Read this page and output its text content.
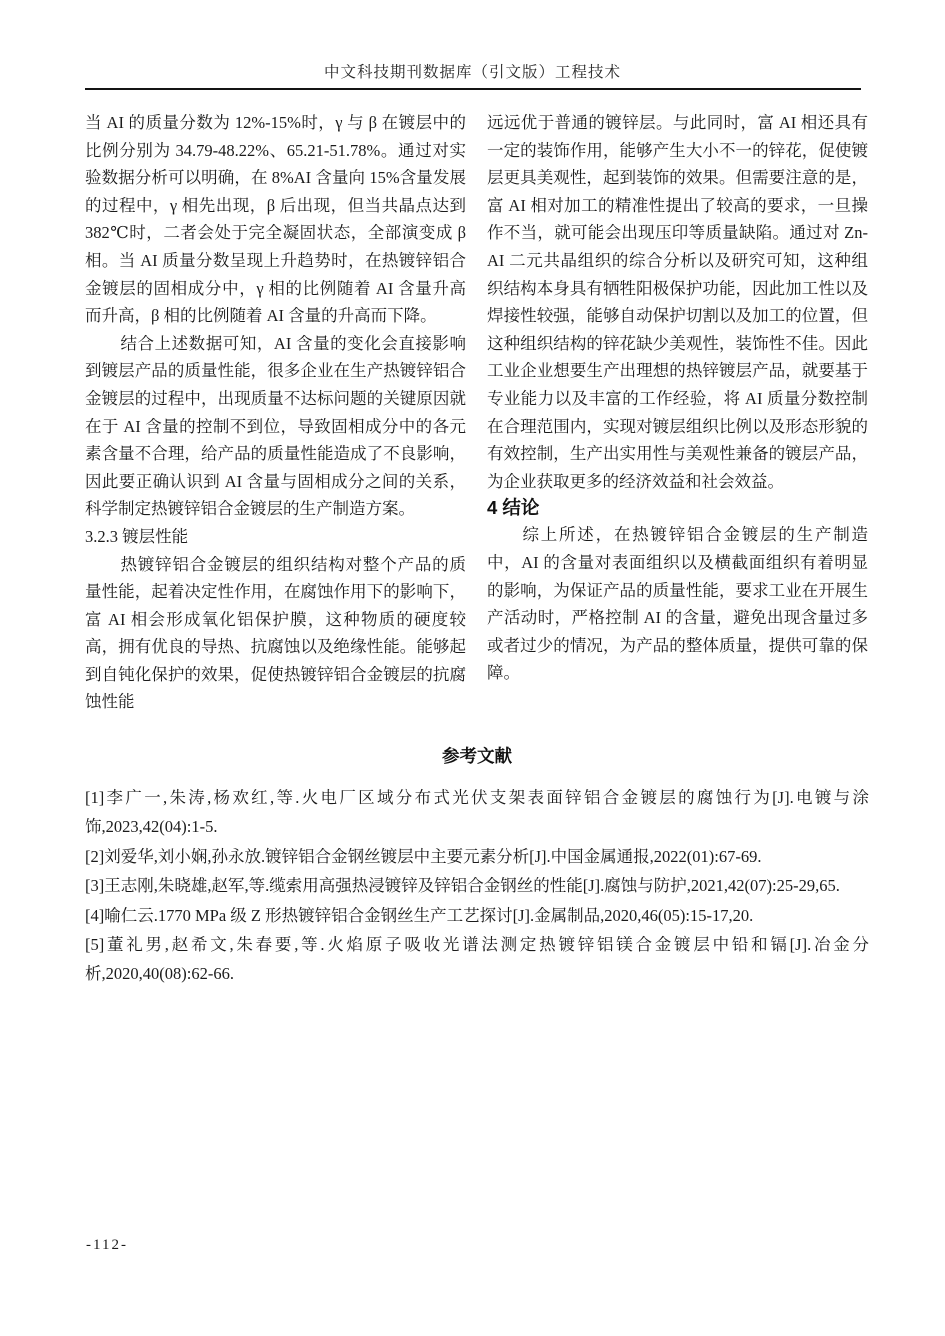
中文科技期刊数据库（引文版）工程技术

当 AI 的质量分数为 12%-15%时，γ 与 β 在镀层中的比例分别为 34.79-48.22%、65.21-51.78%。通过对实验数据分析可以明确，在 8%AI 含量向 15%含量发展的过程中，γ 相先出现，β 后出现，但当共晶点达到 382℃时，二者会处于完全凝固状态，全部演变成 β 相。当 AI 质量分数呈现上升趋势时，在热镀锌铝合金镀层的固相成分中，γ 相的比例随着 AI 含量升高而升高，β 相的比例随着 AI 含量的升高而下降。

结合上述数据可知，AI 含量的变化会直接影响到镀层产品的质量性能，很多企业在生产热镀锌铝合金镀层的过程中，出现质量不达标问题的关键原因就在于 AI 含量的控制不到位，导致固相成分中的各元素含量不合理，给产品的质量性能造成了不良影响，因此要正确认识到 AI 含量与固相成分之间的关系，科学制定热镀锌铝合金镀层的生产制造方案。

3.2.3 镀层性能

热镀锌铝合金镀层的组织结构对整个产品的质量性能，起着决定性作用，在腐蚀作用下的影响下，富 AI 相会形成氧化铝保护膜，这种物质的硬度较高，拥有优良的导热、抗腐蚀以及绝缘性能。能够起到自钝化保护的效果，促使热镀锌铝合金镀层的抗腐蚀性能

远远优于普通的镀锌层。与此同时，富 AI 相还具有一定的装饰作用，能够产生大小不一的锌花，促使镀层更具美观性，起到装饰的效果。但需要注意的是，富 AI 相对加工的精准性提出了较高的要求，一旦操作不当，就可能会出现压印等质量缺陷。通过对 Zn-AI 二元共晶组织的综合分析以及研究可知，这种组织结构本身具有牺牲阳极保护功能，因此加工性以及焊接性较强，能够自动保护切割以及加工的位置，但这种组织结构的锌花缺少美观性，装饰性不佳。因此工业企业想要生产出理想的热锌镀层产品，就要基于专业能力以及丰富的工作经验，将 AI 质量分数控制在合理范围内，实现对镀层组织比例以及形态形貌的有效控制，生产出实用性与美观性兼备的镀层产品，为企业获取更多的经济效益和社会效益。

4 结论

综上所述，在热镀锌铝合金镀层的生产制造中，AI 的含量对表面组织以及横截面组织有着明显的影响，为保证产品的质量性能，要求工业在开展生产活动时，严格控制 AI 的含量，避免出现含量过多或者过少的情况，为产品的整体质量，提供可靠的保障。

参考文献
[1]李广一,朱涛,杨欢红,等.火电厂区域分布式光伏支架表面锌铝合金镀层的腐蚀行为[J].电镀与涂饰,2023,42(04):1-5.
[2]刘爱华,刘小娴,孙永放.镀锌铝合金钢丝镀层中主要元素分析[J].中国金属通报,2022(01):67-69.
[3]王志刚,朱晓雄,赵军,等.缆索用高强热浸镀锌及锌铝合金钢丝的性能[J].腐蚀与防护,2021,42(07):25-29,65.
[4]喻仁云.1770 MPa 级 Z 形热镀锌铝合金钢丝生产工艺探讨[J].金属制品,2020,46(05):15-17,20.
[5]董礼男,赵希文,朱春要,等.火焰原子吸收光谱法测定热镀锌铝镁合金镀层中铅和镉[J].冶金分析,2020,40(08):62-66.
-112-
